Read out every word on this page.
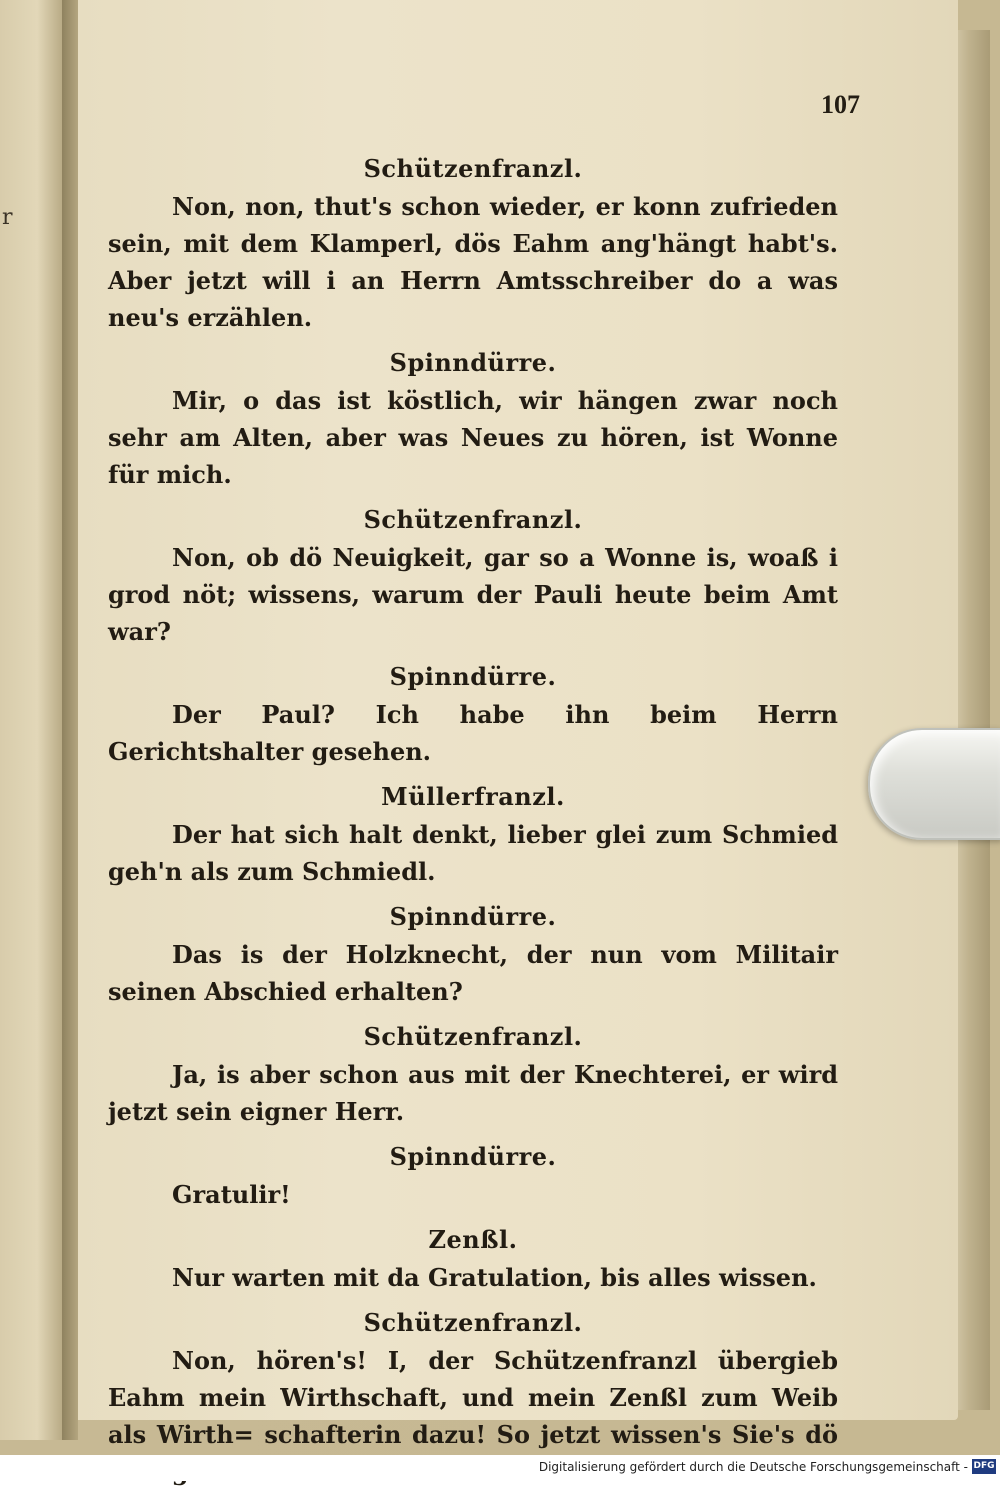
r
107

Schützenfranzl.

Non, non, thut's schon wieder, er konn zufrieden sein, mit dem Klamperl, dös Eahm ang'hängt habt's. Aber jetzt will i an Herrn Amtsschreiber do a was neu's erzählen.

Spinndürre.

Mir, o das ist köstlich, wir hängen zwar noch sehr am Alten, aber was Neues zu hören, ist Wonne für mich.

Schützenfranzl.

Non, ob dö Neuigkeit, gar so a Wonne is, woaß i grod nöt; wissens, warum der Pauli heute beim Amt war?

Spinndürre.

Der Paul? Ich habe ihn beim Herrn Gerichtshalter gesehen.

Müllerfranzl.

Der hat sich halt denkt, lieber glei zum Schmied geh'n als zum Schmiedl.

Spinndürre.

Das is der Holzknecht, der nun vom Militair seinen Abschied erhalten?

Schützenfranzl.

Ja, is aber schon aus mit der Knechterei, er wird jetzt sein eigner Herr.

Spinndürre.

Gratulir!

Zenßl.

Nur warten mit da Gratulation, bis alles wissen.

Schützenfranzl.

Non, hören's! I, der Schützenfranzl übergieb Eahm mein Wirthschaft, und mein Zenßl zum Weib als Wirth= schafterin dazu! So jetzt wissen's Sie's dö

Digitalisierung gefördert durch die Deutsche Forschungsgemeinschaft - DFG
